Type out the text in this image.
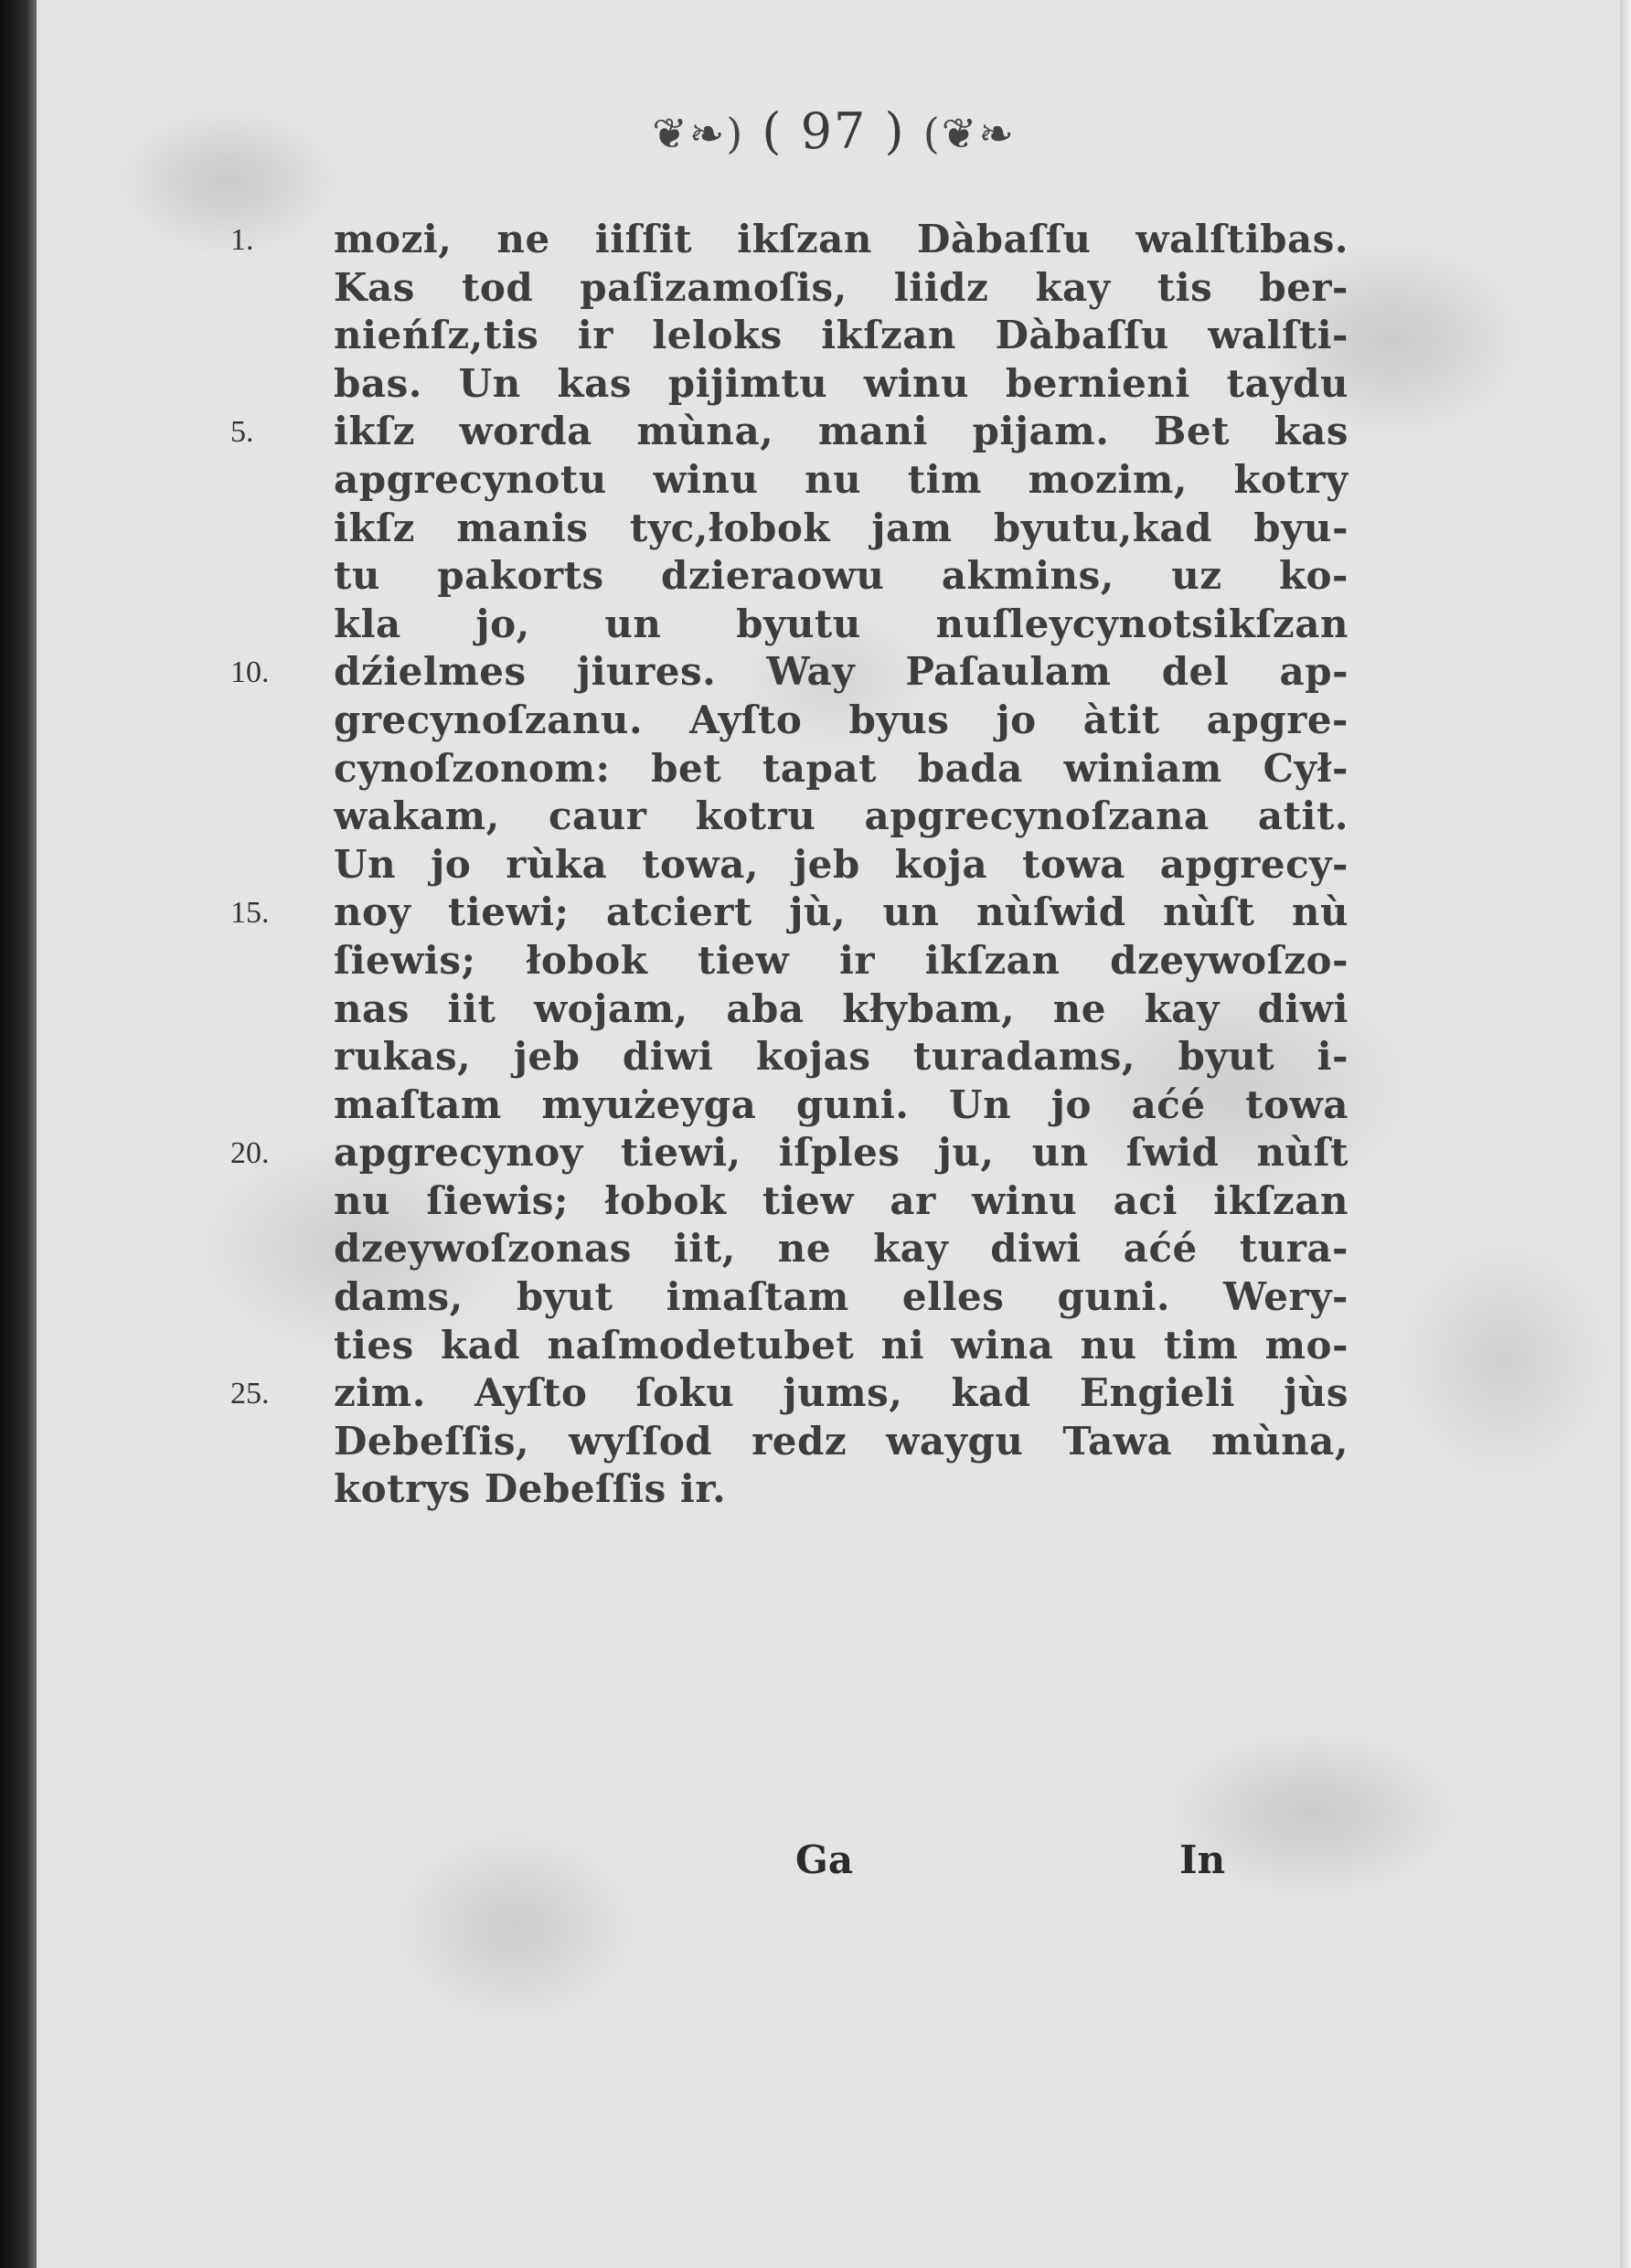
❦❧) ( 97 ) (❦❧
1.
5.
10.
15.
20.
25.
mozi, ne iiſſit ikſzan Dàbaſſu walſtibas.
Kas tod paſizamoſis, liidz kay tis ber-
nieńſz,tis ir leloks ikſzan Dàbaſſu walſti-
bas. Un kas pijimtu winu bernieni taydu
ikſz worda mùna, mani pijam. Bet kas
apgrecynotu winu nu tim mozim, kotry
ikſz manis tyc,łobok jam byutu,kad byu-
tu pakorts dzieraowu akmins, uz ko-
kla jo, un byutu nuſleycynotsikſzan
dźielmes jiures. Way Paſaulam del ap-
grecynoſzanu. Ayſto byus jo àtit apgre-
cynoſzonom: bet tapat bada winiam Cył-
wakam, caur kotru apgrecynoſzana atit.
Un jo rùka towa, jeb koja towa apgrecy-
noy tiewi; atciert jù, un nùſwid nùſt nù
ſiewis; łobok tiew ir ikſzan dzeywoſzo-
nas iit wojam, aba kłybam, ne kay diwi
rukas, jeb diwi kojas turadams, byut i-
maſtam myużeyga guni. Un jo aćé towa
apgrecynoy tiewi, iſples ju, un ſwid nùſt
nu ſiewis; łobok tiew ar winu aci ikſzan
dzeywoſzonas iit, ne kay diwi aćé tura-
dams, byut imaſtam elles guni. Wery-
ties kad naſmodetubet ni wina nu tim mo-
zim. Ayſto ſoku jums, kad Engieli jùs
Debeſſis, wyſſod redz waygu Tawa mùna,
kotrys Debeſſis ir.
Ga	In
